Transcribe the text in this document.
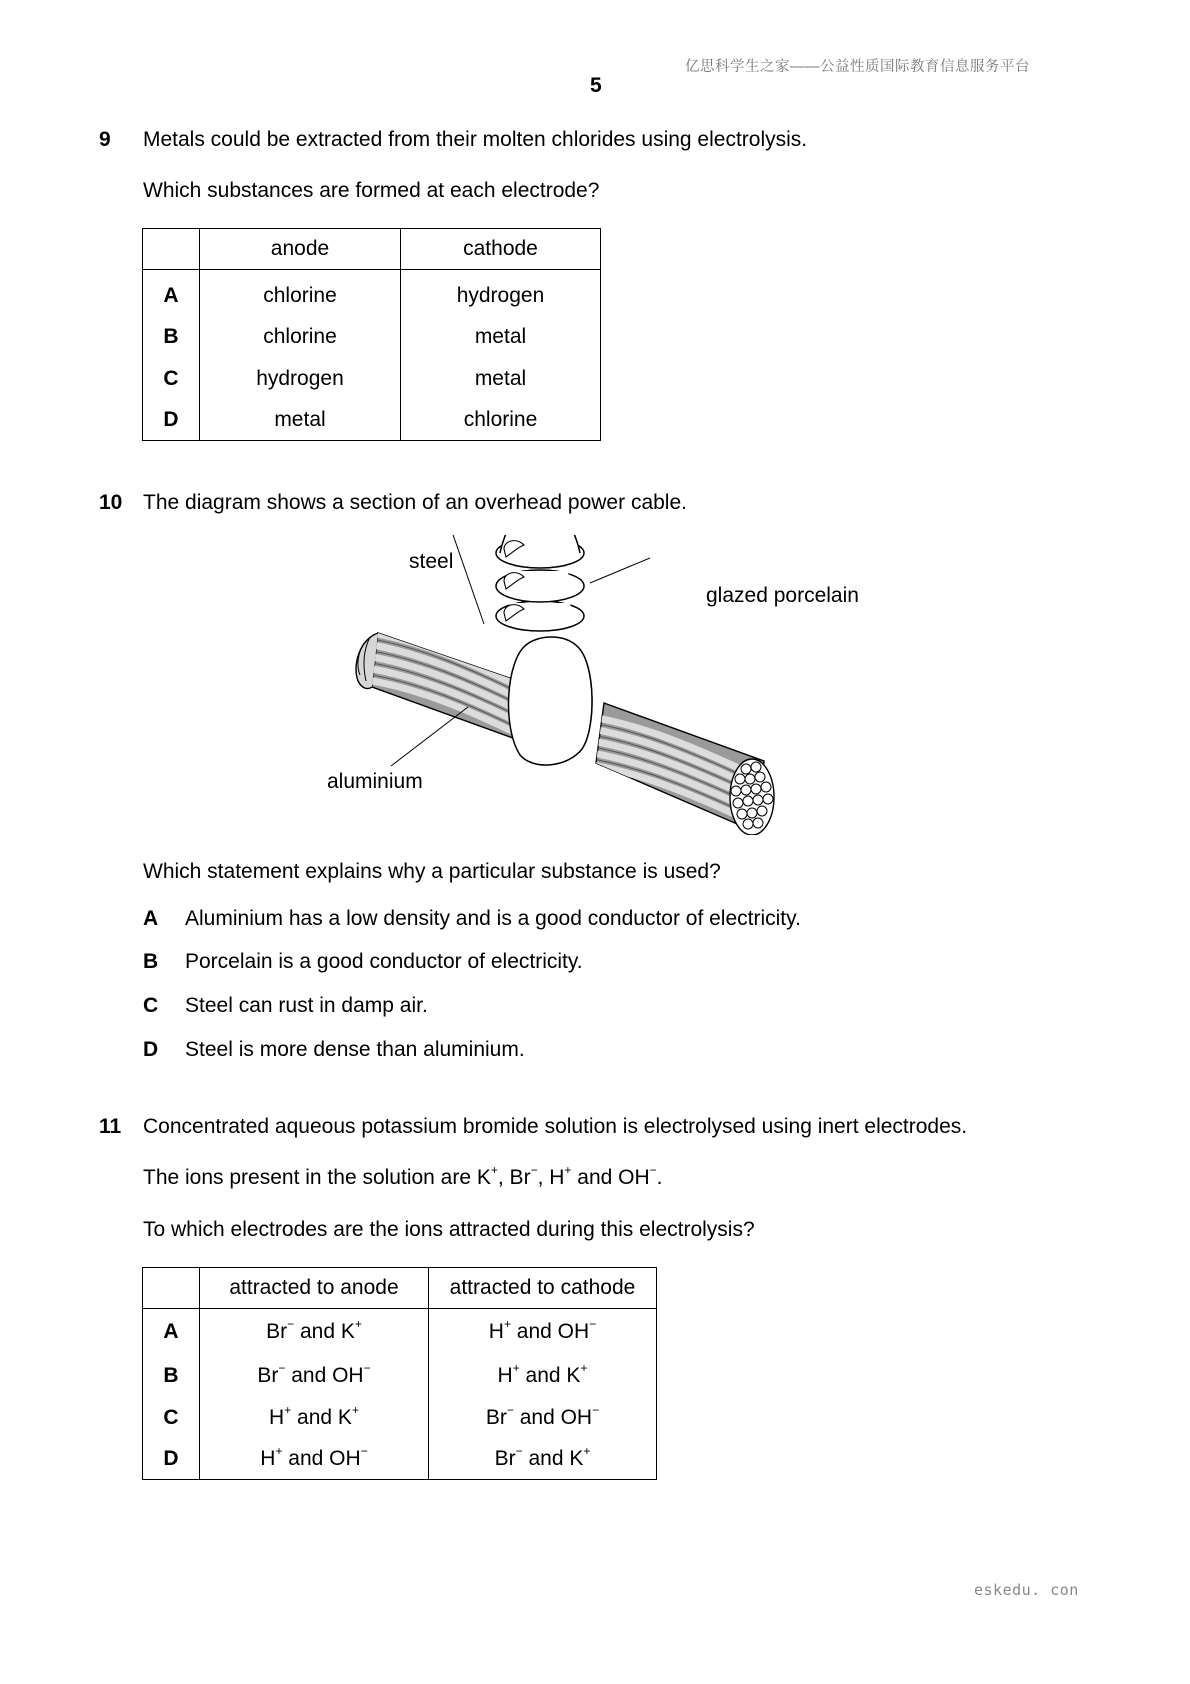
亿思科学生之家——公益性质国际教育信息服务平台
5
9 Metals could be extracted from their molten chlorides using electrolysis.
Which substances are formed at each electrode?
	anode	cathode
A	chlorine	hydrogen
B	chlorine	metal
C	hydrogen	metal
D	metal	chlorine
10 The diagram shows a section of an overhead power cable.
steel
glazed porcelain
aluminium
Which statement explains why a particular substance is used?
A Aluminium has a low density and is a good conductor of electricity.
B Porcelain is a good conductor of electricity.
C Steel can rust in damp air.
D Steel is more dense than aluminium.
11 Concentrated aqueous potassium bromide solution is electrolysed using inert electrodes.
The ions present in the solution are K+, Br−, H+ and OH−.
To which electrodes are the ions attracted during this electrolysis?
	attracted to anode	attracted to cathode
A	Br− and K+	H+ and OH−
B	Br− and OH−	H+ and K+
C	H+ and K+	Br− and OH−
D	H+ and OH−	Br− and K+
eskedu. con
